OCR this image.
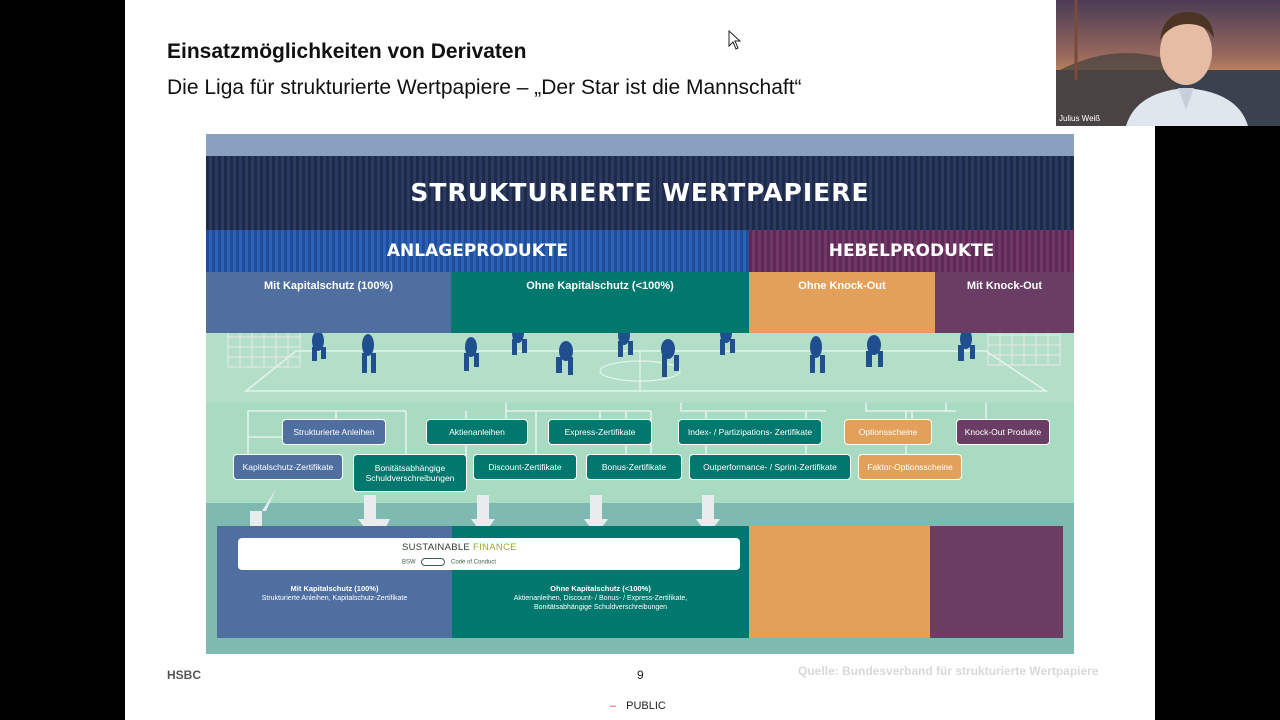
Einsatzmöglichkeiten von Derivaten
Die Liga für strukturierte Wertpapiere – „Der Star ist die Mannschaft“
STRUKTURIERTE WERTPAPIERE
ANLAGEPRODUKTE	HEBELPRODUKTE
Mit Kapitalschutz (100%)	Ohne Kapitalschutz (<100%)	Ohne Knock-Out	Mit Knock-Out
Strukturierte Anleihen	Aktienanleihen	Express-Zertifikate	Index- / Partizipations- Zertifikate	Optionsscheine	Knock-Out Produkte
Kapitalschutz-Zertifikate	Bonitätsabhängige Schuldverschreibungen
Discount-Zertifikate	Bonus-Zertifikate	Outperformance- / Sprint-Zertifikate	Faktor-Optionsscheine
SUSTAINABLE FINANCE
BSW	Code of Conduct
Mit Kapitalschutz (100%)
Strukturierte Anleihen, Kapitalschutz-Zertifikate
Ohne Kapitalschutz (<100%)
Aktienanleihen, Discount- / Bonus- / Express-Zertifikate,
Bonitätsabhängige Schuldverschreibungen
HSBC	9	Quelle: Bundesverband für strukturierte Wertpapiere
– PUBLIC
Julius Weiß
